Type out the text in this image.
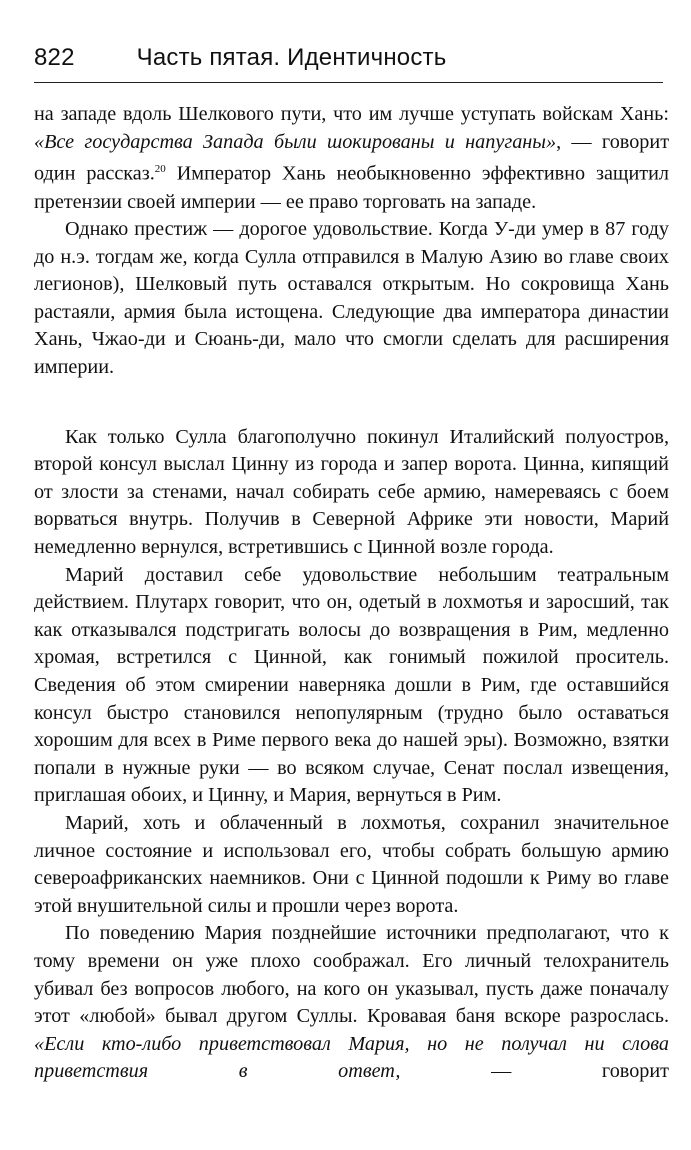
822	Часть пятая. Идентичность

на западе вдоль Шелкового пути, что им лучше уступать войскам Хань: «Все государства Запада были шокированы и напуганы», — говорит один рассказ.$^{20}$ Император Хань необыкновенно эффективно защитил претензии своей империи — ее право торговать на западе.

Однако престиж — дорогое удовольствие. Когда У-ди умер в 87 году до н.э. тогдам же, когда Сулла отправился в Малую Азию во главе своих легионов), Шелковый путь оставался открытым. Но сокровища Хань растаяли, армия была истощена. Следующие два императора династии Хань, Чжао-ди и Сюань-ди, мало что смогли сделать для расширения империи.

Как только Сулла благополучно покинул Италийский полуостров, второй консул выслал Цинну из города и запер ворота. Цинна, кипящий от злости за стенами, начал собирать себе армию, намереваясь с боем ворваться внутрь. Получив в Северной Африке эти новости, Марий немедленно вернулся, встретившись с Цинной возле города.

Марий доставил себе удовольствие небольшим театральным действием. Плутарх говорит, что он, одетый в лохмотья и заросший, так как отказывался подстригать волосы до возвращения в Рим, медленно хромая, встретился с Цинной, как гонимый пожилой проситель. Сведения об этом смирении наверняка дошли в Рим, где оставшийся консул быстро становился непопулярным (трудно было оставаться хорошим для всех в Риме первого века до нашей эры). Возможно, взятки попали в нужные руки — во всяком случае, Сенат послал извещения, приглашая обоих, и Цинну, и Мария, вернуться в Рим.

Марий, хоть и облаченный в лохмотья, сохранил значительное личное состояние и использовал его, чтобы собрать большую армию североафриканских наемников. Они с Цинной подошли к Риму во главе этой внушительной силы и прошли через ворота.

По поведению Мария позднейшие источники предполагают, что к тому времени он уже плохо соображал. Его личный телохранитель убивал без вопросов любого, на кого он указывал, пусть даже поначалу этот «любой» бывал другом Суллы. Кровавая баня вскоре разрослась. «Если кто-либо приветствовал Мария, но не получал ни слова приветствия в ответ, — говорит
